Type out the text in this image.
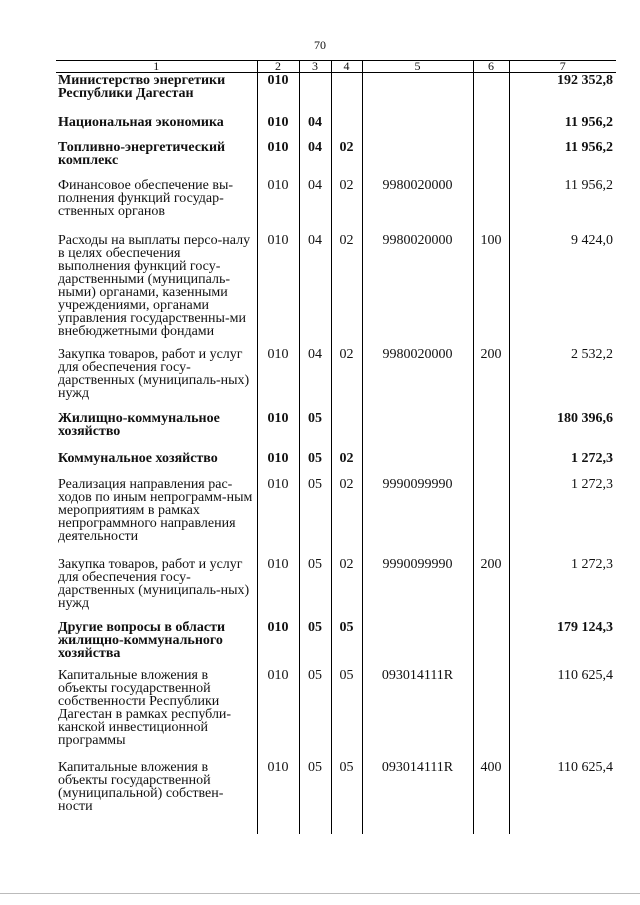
70
1	2	3	4	5	6	7
Министерство энергетики Республики Дагестан	010					192 352,8
Национальная экономика	010	04				11 956,2
Топливно-энергетический комплекс	010	04	02			11 956,2
Финансовое обеспечение вы-полнения функций государ-ственных органов	010	04	02	9980020000		11 956,2
Расходы на выплаты персо-налу в целях обеспечения выполнения функций госу-дарственными (муниципаль-ными) органами, казенными учреждениями, органами управления государственны-ми внебюджетными фондами	010	04	02	9980020000	100	9 424,0
Закупка товаров, работ и услуг для обеспечения госу-дарственных (муниципаль-ных) нужд	010	04	02	9980020000	200	2 532,2
Жилищно-коммунальное хозяйство	010	05				180 396,6
Коммунальное хозяйство	010	05	02			1 272,3
Реализация направления рас-ходов по иным непрограмм-ным мероприятиям в рамках непрограммного направления деятельности	010	05	02	9990099990		1 272,3
Закупка товаров, работ и услуг для обеспечения госу-дарственных (муниципаль-ных) нужд	010	05	02	9990099990	200	1 272,3
Другие вопросы в области жилищно-коммунального хозяйства	010	05	05			179 124,3
Капитальные вложения в объекты государственной собственности Республики Дагестан в рамках республи-канской инвестиционной программы	010	05	05	093014111R		110 625,4
Капитальные вложения в объекты государственной (муниципальной) собствен-ности	010	05	05	093014111R	400	110 625,4
